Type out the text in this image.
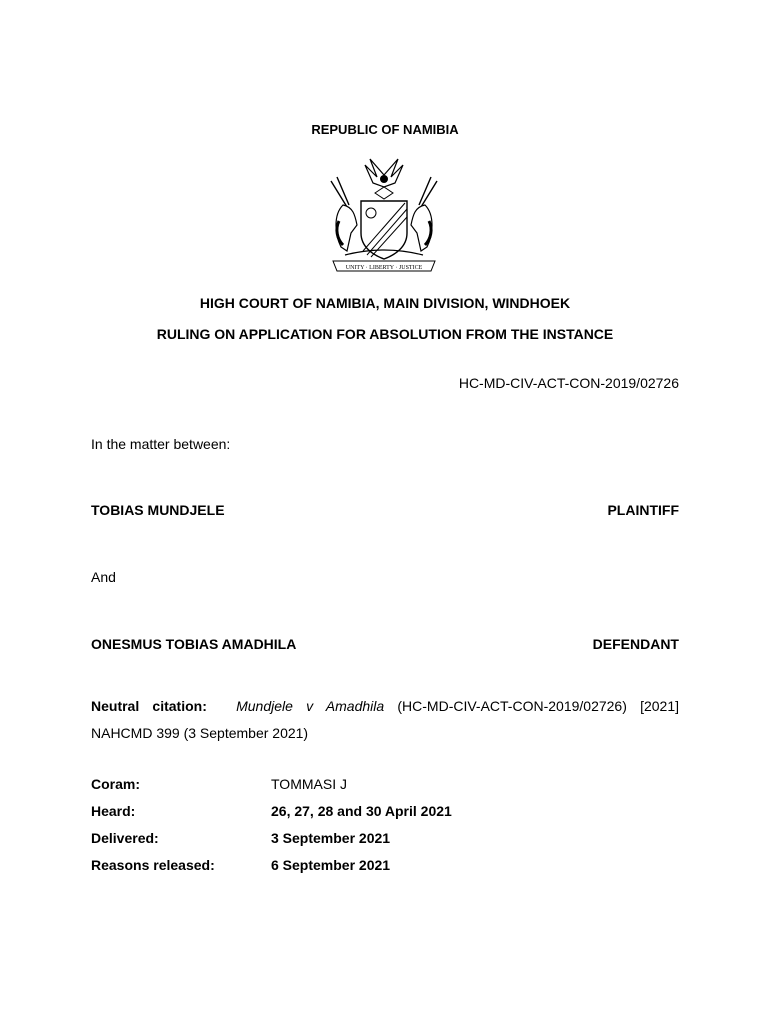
REPUBLIC OF NAMIBIA
UNITY · LIBERTY · JUSTICE
HIGH COURT OF NAMIBIA, MAIN DIVISION, WINDHOEK
RULING ON APPLICATION FOR ABSOLUTION FROM THE INSTANCE
HC-MD-CIV-ACT-CON-2019/02726
In the matter between:
TOBIAS MUNDJELE	PLAINTIFF
And
ONESMUS TOBIAS AMADHILA	DEFENDANT
Neutral citation: Mundjele v Amadhila (HC-MD-CIV-ACT-CON-2019/02726) [2021] NAHCMD 399 (3 September 2021)
Coram:	TOMMASI J
Heard:	26, 27, 28 and 30 April 2021
Delivered:	3 September 2021
Reasons released:	6 September 2021
